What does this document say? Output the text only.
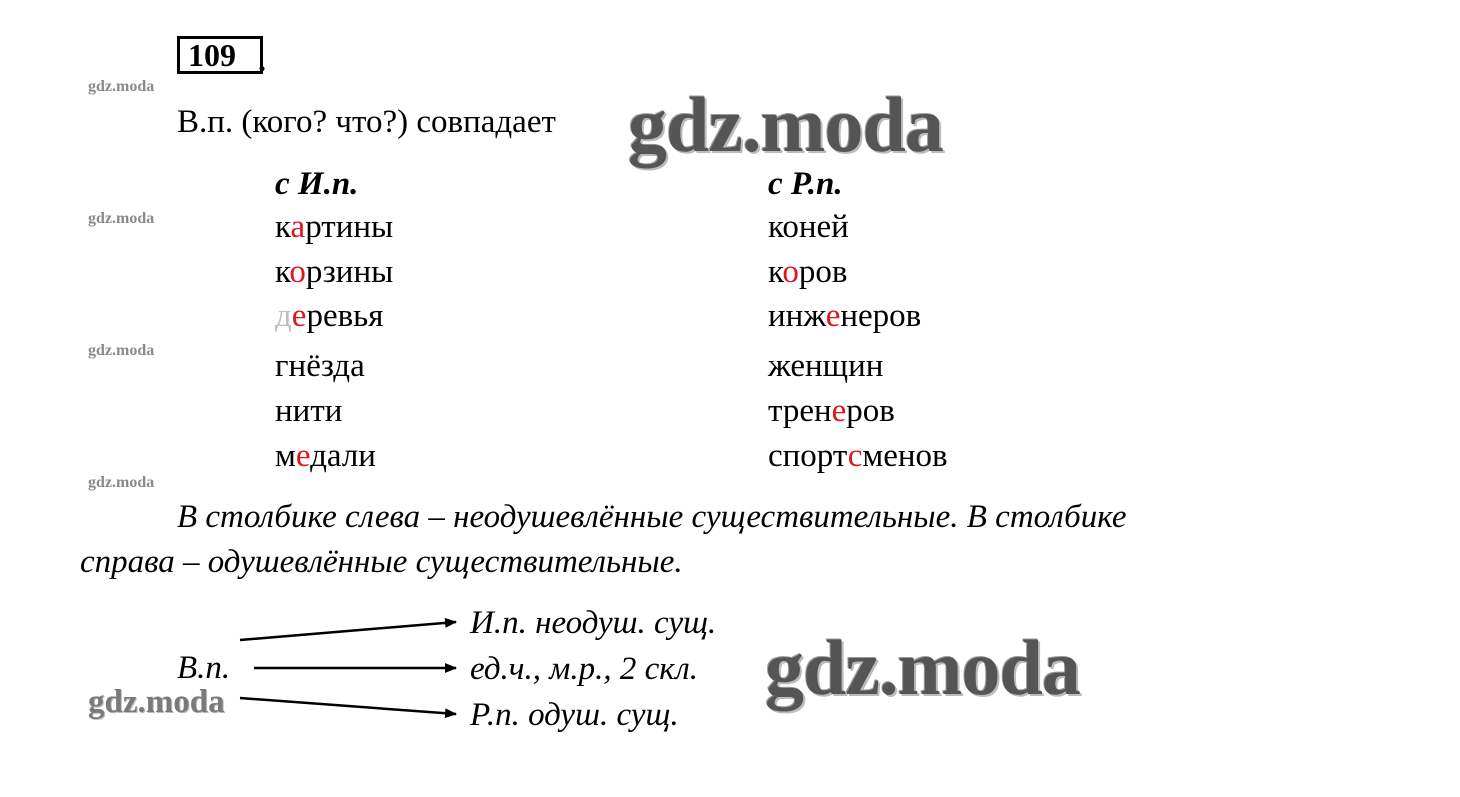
109 .
gdz.moda
gdz.moda
gdz.moda
gdz.moda
В.п. (кого? что?) совпадает gdz.moda
gdz.moda
с И.п.	с Р.п.
картины
корзины
деревья
гнёзда
нити
медали
коней
коров
инженеров
женщин
тренеров
спортсменов
В столбике слева – неодушевлённые существительные. В столбике
справа – одушевлённые существительные.
В.п.
gdz.moda
И.п. неодуш. сущ.
ед.ч., м.р., 2 скл.
Р.п. одуш. сущ.
